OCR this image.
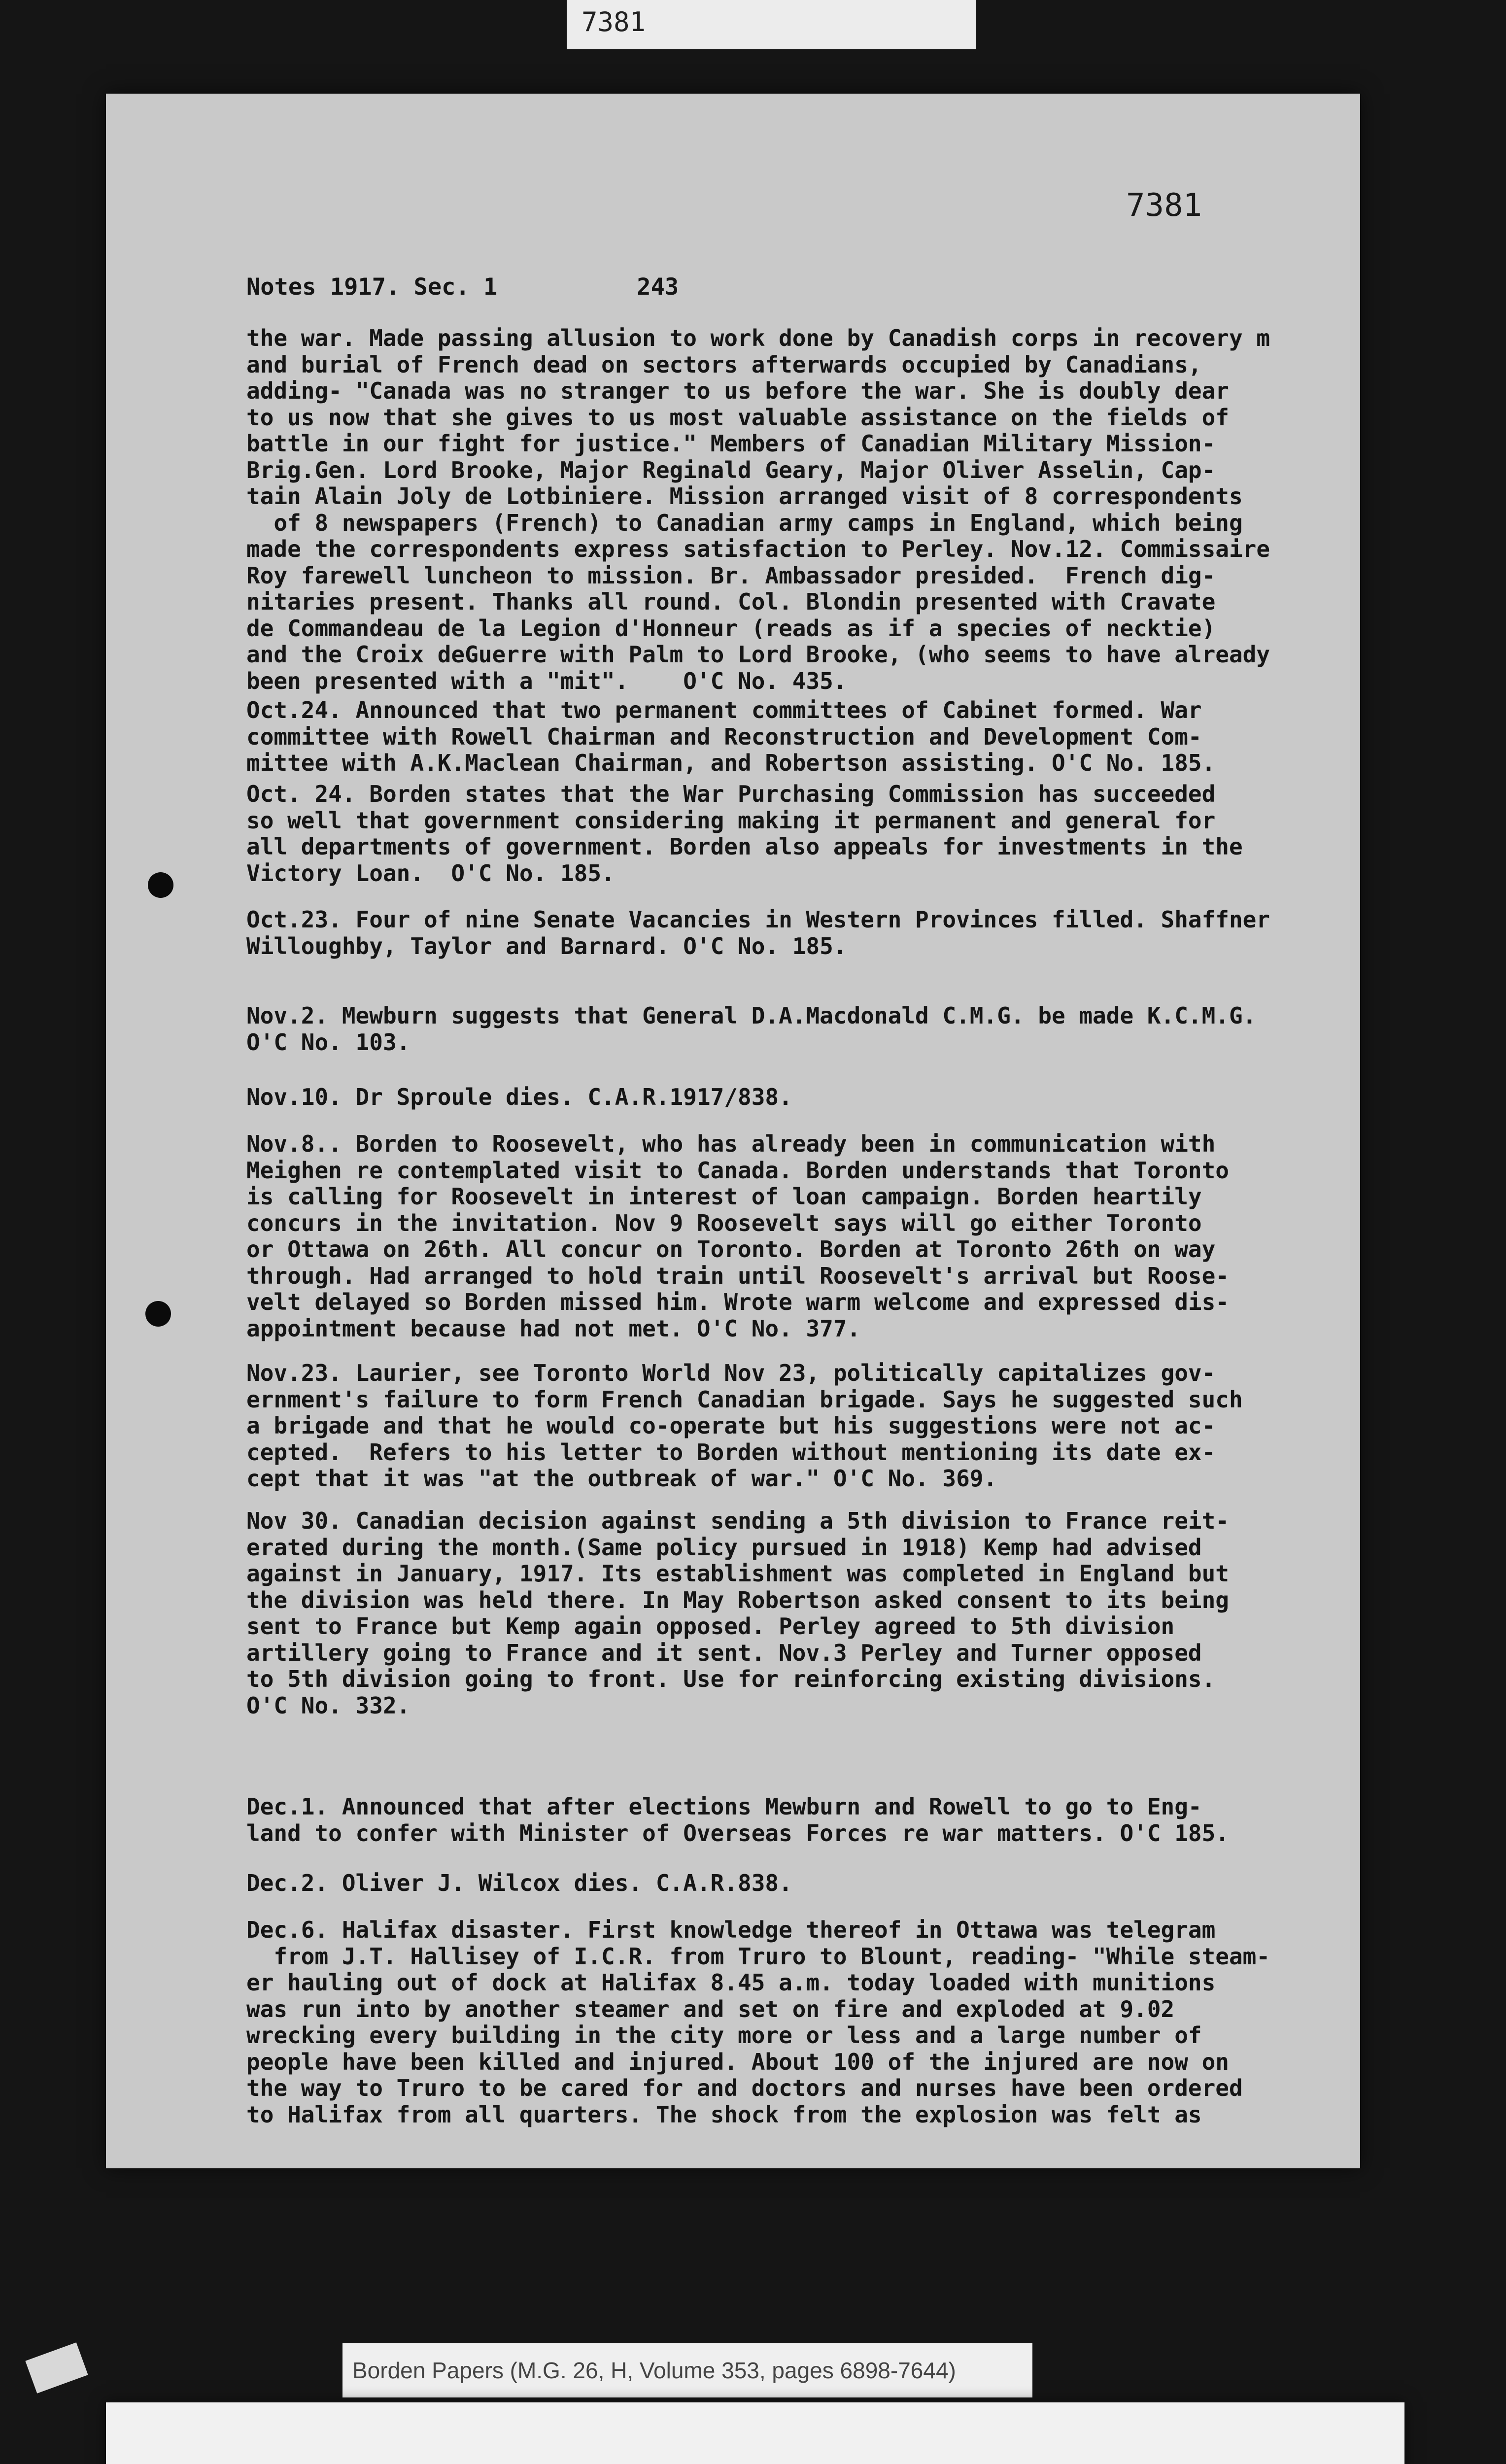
7381
7381
Notes 1917. Sec. 1          243
the war. Made passing allusion to work done by Canadish corps in recovery m
and burial of French dead on sectors afterwards occupied by Canadians,
adding- "Canada was no stranger to us before the war. She is doubly dear
to us now that she gives to us most valuable assistance on the fields of
battle in our fight for justice." Members of Canadian Military Mission-
Brig.Gen. Lord Brooke, Major Reginald Geary, Major Oliver Asselin, Cap-
tain Alain Joly de Lotbiniere. Mission arranged visit of 8 correspondents
of 8 newspapers (French) to Canadian army camps in England, which being
made the correspondents express satisfaction to Perley. Nov.12. Commissaire
Roy farewell luncheon to mission. Br. Ambassador presided.  French dig-
nitaries present. Thanks all round. Col. Blondin presented with Cravate
de Commandeau de la Legion d'Honneur (reads as if a species of necktie)
and the Croix deGuerre with Palm to Lord Brooke, (who seems to have already
been presented with a "mit".    O'C No. 435.
Oct.24. Announced that two permanent committees of Cabinet formed. War
committee with Rowell Chairman and Reconstruction and Development Com-
mittee with A.K.Maclean Chairman, and Robertson assisting. O'C No. 185.
Oct. 24. Borden states that the War Purchasing Commission has succeeded
so well that government considering making it permanent and general for
all departments of government. Borden also appeals for investments in the
Victory Loan.  O'C No. 185.
Oct.23. Four of nine Senate Vacancies in Western Provinces filled. Shaffner
Willoughby, Taylor and Barnard. O'C No. 185.
Nov.2. Mewburn suggests that General D.A.Macdonald C.M.G. be made K.C.M.G.
O'C No. 103.
Nov.10. Dr Sproule dies. C.A.R.1917/838.
Nov.8.. Borden to Roosevelt, who has already been in communication with
Meighen re contemplated visit to Canada. Borden understands that Toronto
is calling for Roosevelt in interest of loan campaign. Borden heartily
concurs in the invitation. Nov 9 Roosevelt says will go either Toronto
or Ottawa on 26th. All concur on Toronto. Borden at Toronto 26th on way
through. Had arranged to hold train until Roosevelt's arrival but Roose-
velt delayed so Borden missed him. Wrote warm welcome and expressed dis-
appointment because had not met. O'C No. 377.
Nov.23. Laurier, see Toronto World Nov 23, politically capitalizes gov-
ernment's failure to form French Canadian brigade. Says he suggested such
a brigade and that he would co-operate but his suggestions were not ac-
cepted.  Refers to his letter to Borden without mentioning its date ex-
cept that it was "at the outbreak of war." O'C No. 369.
Nov 30. Canadian decision against sending a 5th division to France reit-
erated during the month.(Same policy pursued in 1918) Kemp had advised
against in January, 1917. Its establishment was completed in England but
the division was held there. In May Robertson asked consent to its being
sent to France but Kemp again opposed. Perley agreed to 5th division
artillery going to France and it sent. Nov.3 Perley and Turner opposed
to 5th division going to front. Use for reinforcing existing divisions.
O'C No. 332.
Dec.1. Announced that after elections Mewburn and Rowell to go to Eng-
land to confer with Minister of Overseas Forces re war matters. O'C 185.
Dec.2. Oliver J. Wilcox dies. C.A.R.838.
Dec.6. Halifax disaster. First knowledge thereof in Ottawa was telegram
from J.T. Hallisey of I.C.R. from Truro to Blount, reading- "While steam-
er hauling out of dock at Halifax 8.45 a.m. today loaded with munitions
was run into by another steamer and set on fire and exploded at 9.02
wrecking every building in the city more or less and a large number of
people have been killed and injured. About 100 of the injured are now on
the way to Truro to be cared for and doctors and nurses have been ordered
to Halifax from all quarters. The shock from the explosion was felt as
Borden Papers (M.G. 26, H, Volume 353, pages 6898-7644)
